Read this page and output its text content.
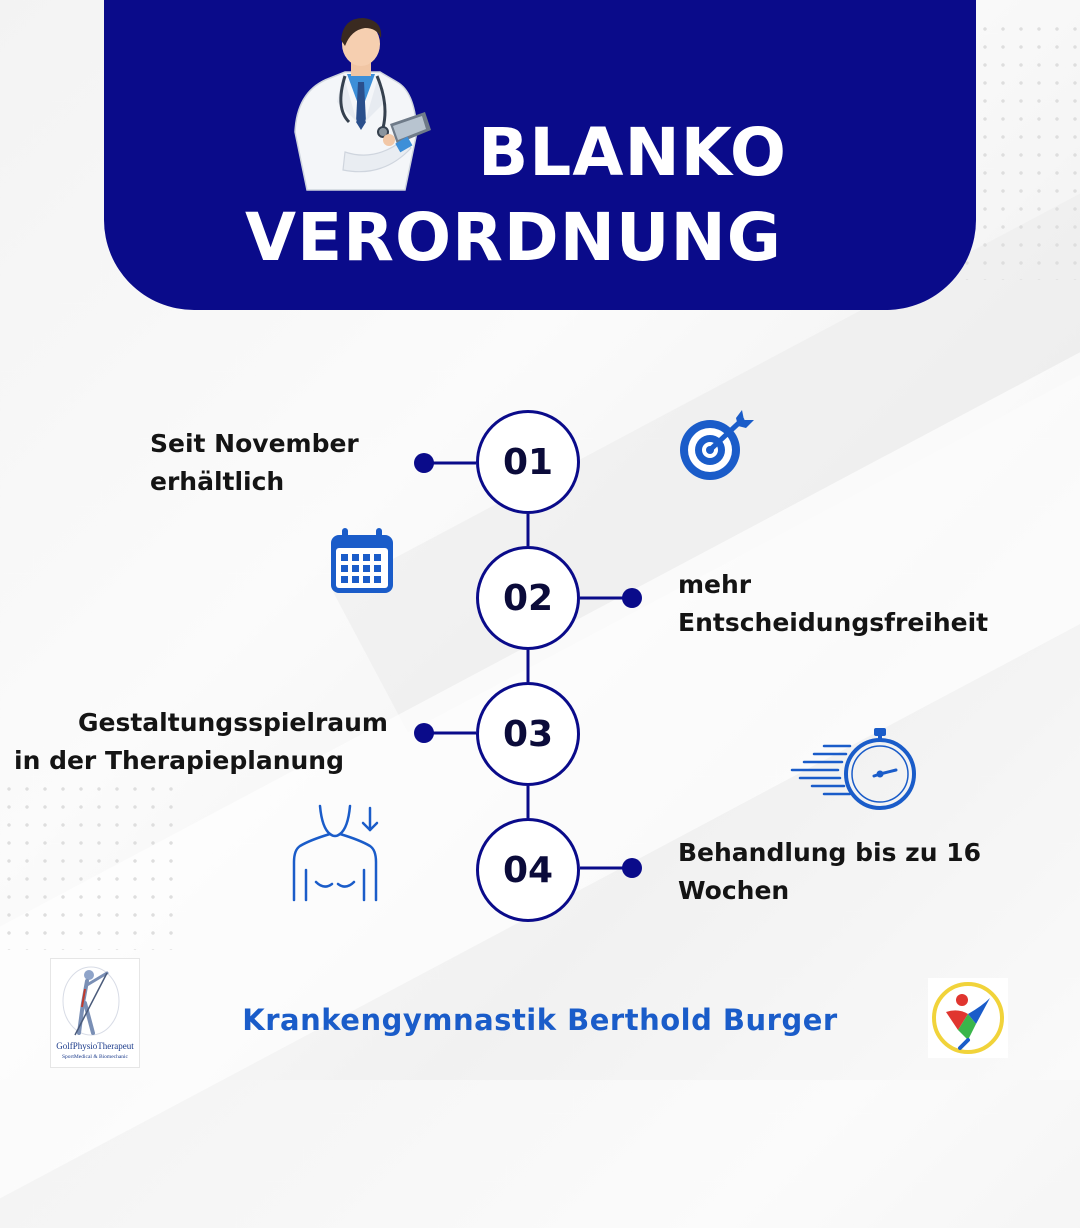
BLANKO
VERORDNUNG
01
02
03
04
Seit November
erhältlich
mehr
Entscheidungsfreiheit
Gestaltungsspielraum
in der Therapieplanung
Behandlung bis zu 16
Wochen
GolfPhysioTherapeut
SportMedical & Biomechanic
Krankengymnastik Berthold Burger
